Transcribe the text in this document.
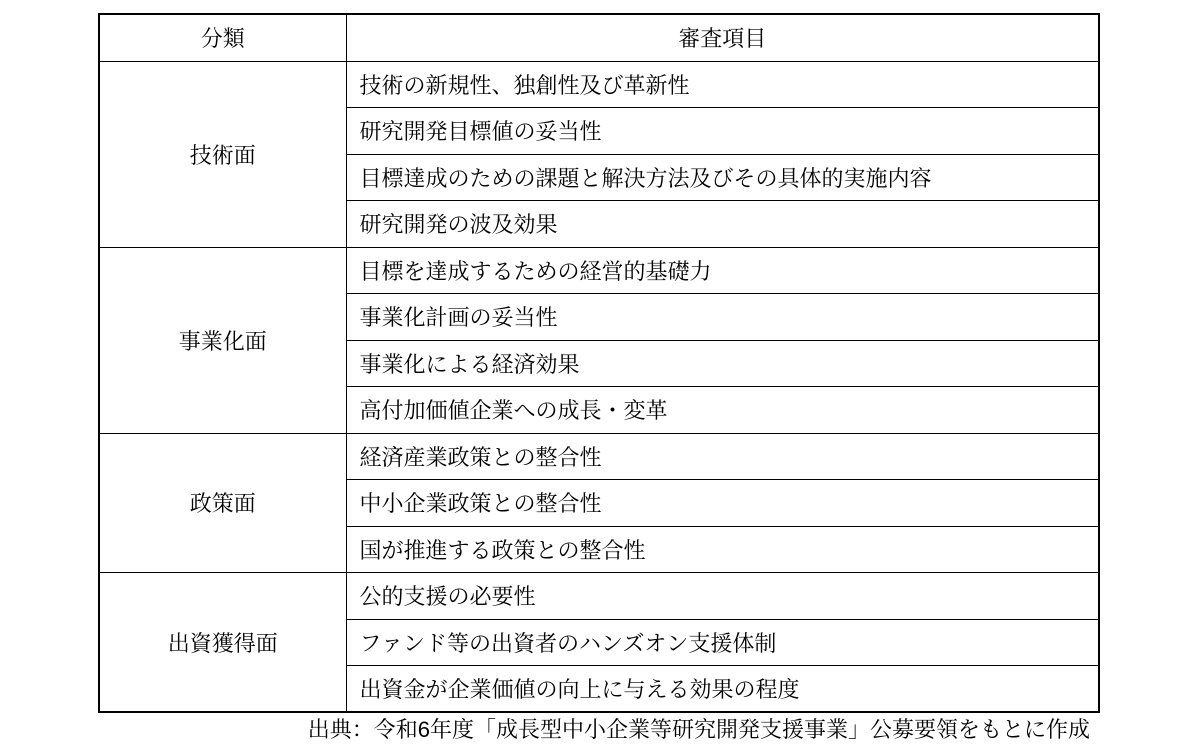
分類	審査項目
技術面	技術の新規性、独創性及び革新性
	研究開発目標値の妥当性
	目標達成のための課題と解決方法及びその具体的実施内容
	研究開発の波及効果
事業化面	目標を達成するための経営的基礎力
	事業化計画の妥当性
	事業化による経済効果
	高付加価値企業への成長・変革
政策面	経済産業政策との整合性
	中小企業政策との整合性
	国が推進する政策との整合性
出資獲得面	公的支援の必要性
	ファンド等の出資者のハンズオン支援体制
	出資金が企業価値の向上に与える効果の程度
出典：令和6年度「成長型中小企業等研究開発支援事業」公募要領をもとに作成
